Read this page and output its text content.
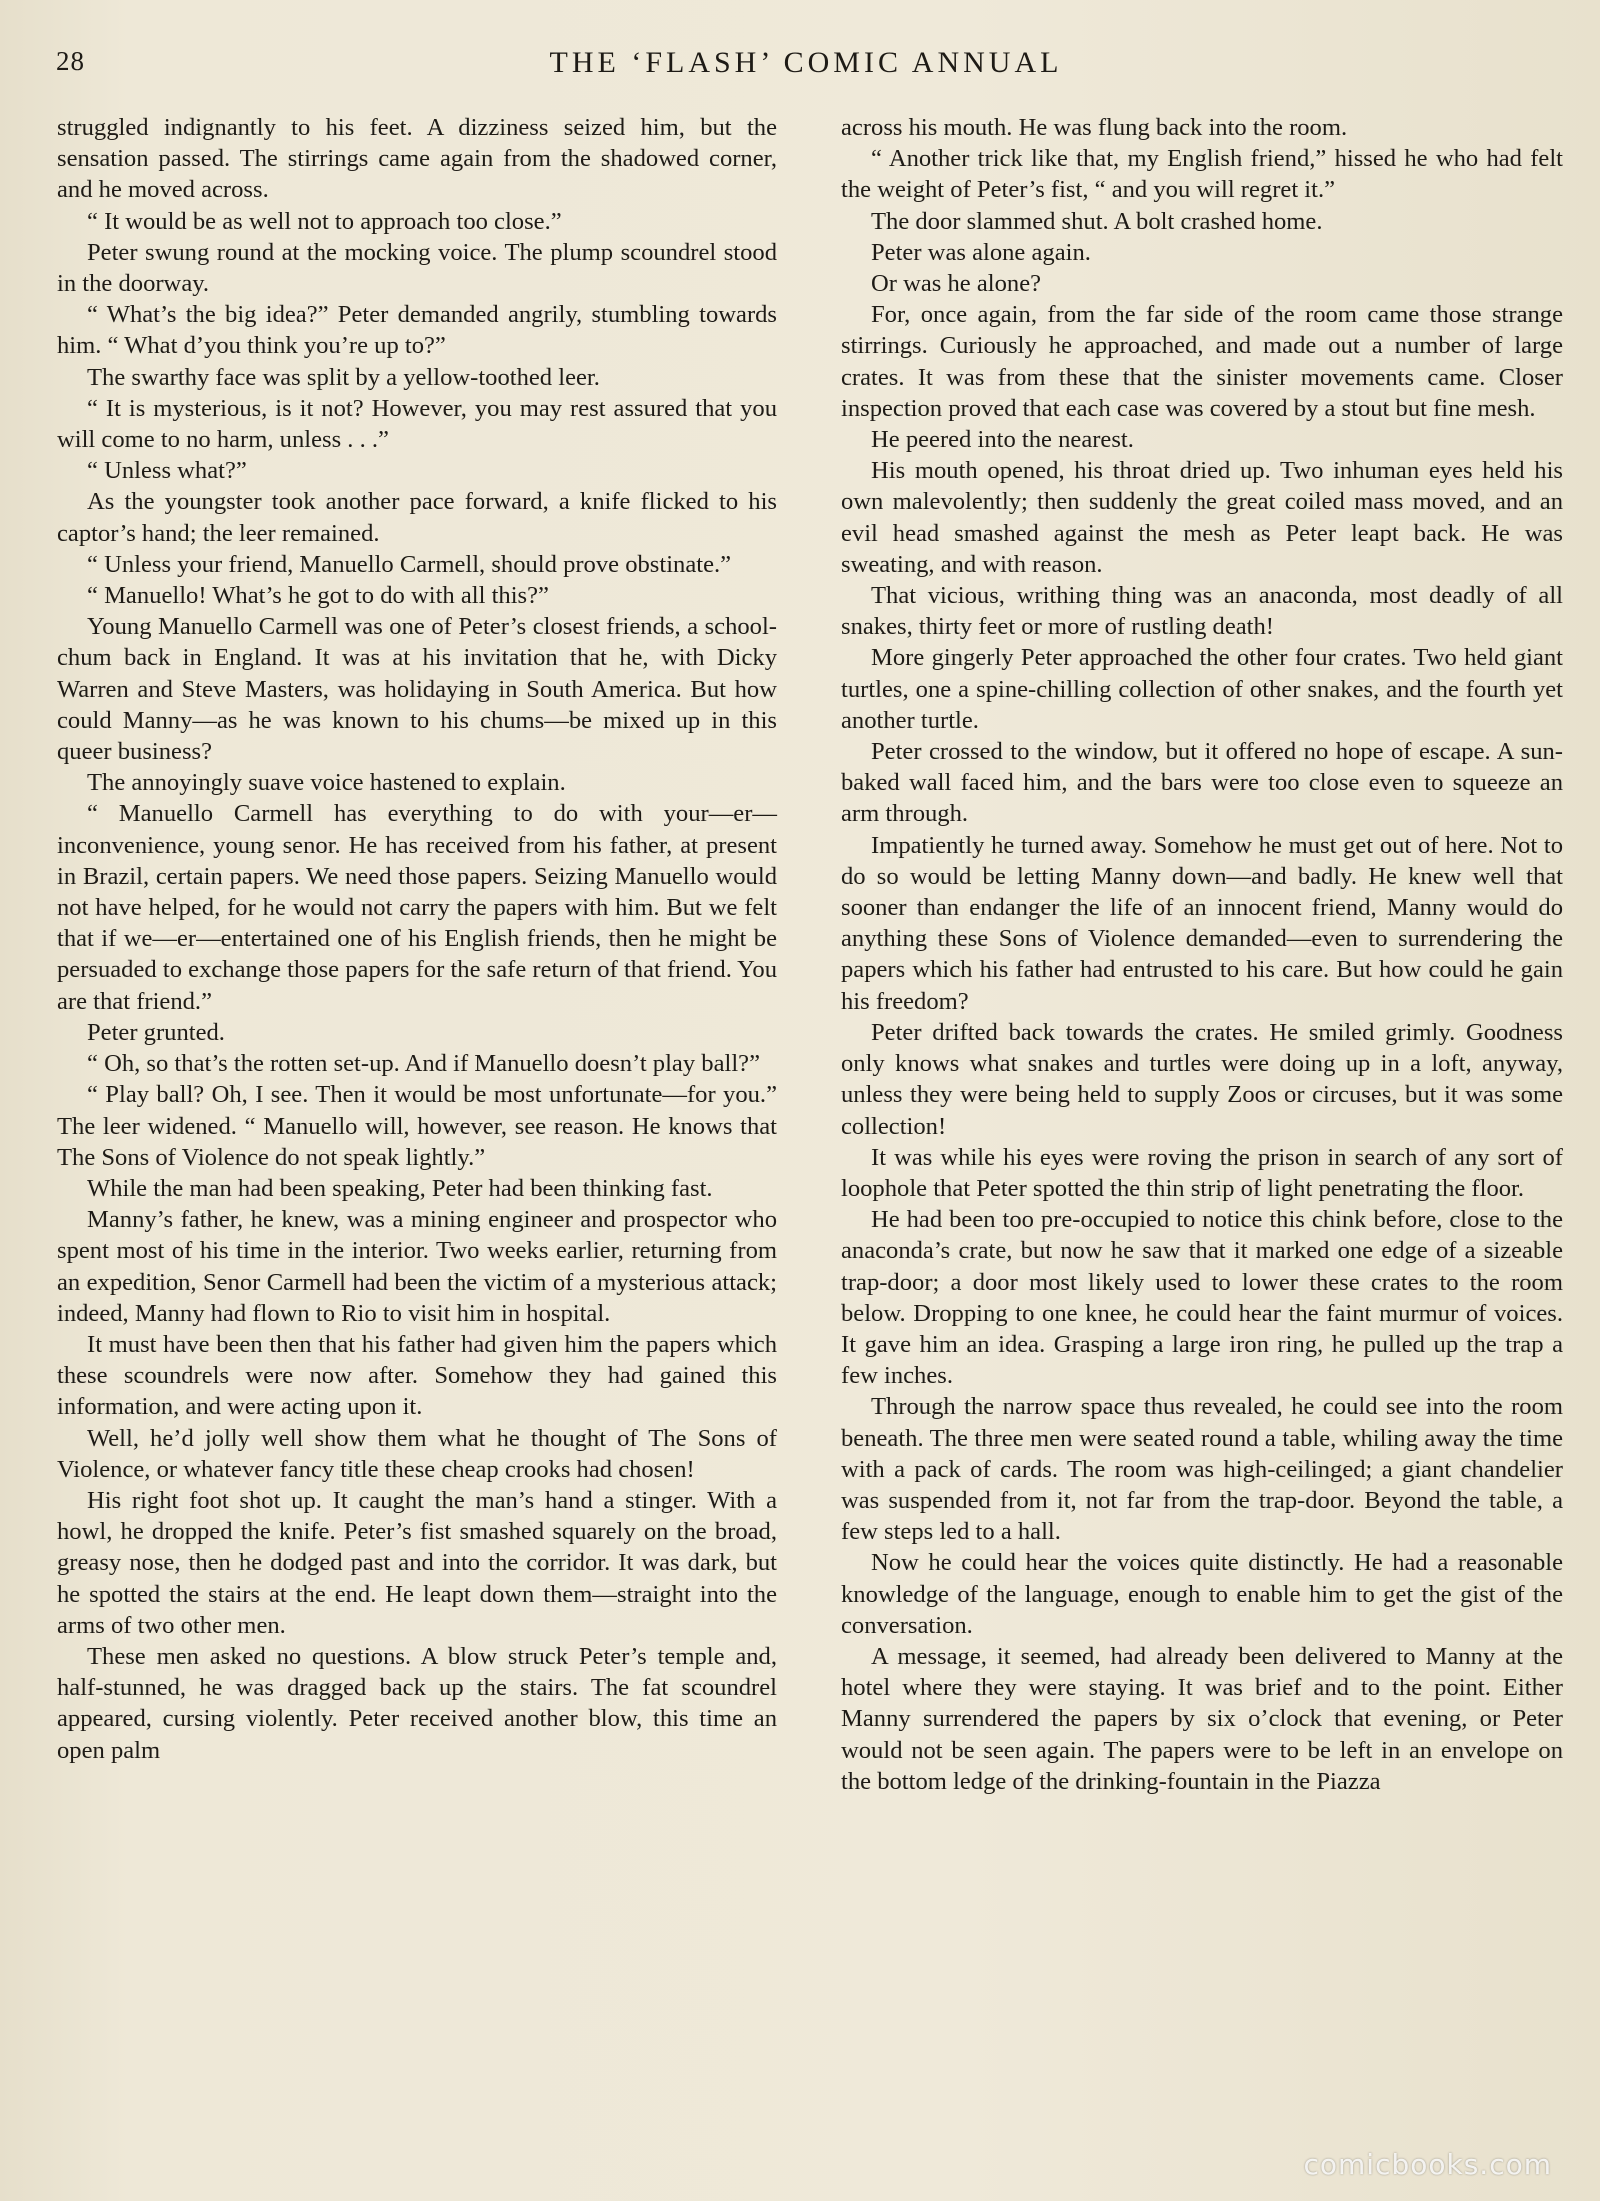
28	THE ‘FLASH’ COMIC ANNUAL

struggled indignantly to his feet. A dizziness seized him, but the sensation passed. The stirrings came again from the shadowed corner, and he moved across.

“ It would be as well not to approach too close.”

Peter swung round at the mocking voice. The plump scoundrel stood in the doorway.

“ What’s the big idea?” Peter demanded angrily, stumbling towards him. “ What d’you think you’re up to?”

The swarthy face was split by a yellow-toothed leer.

“ It is mysterious, is it not? However, you may rest assured that you will come to no harm, unless . . .”

“ Unless what?”

As the youngster took another pace forward, a knife flicked to his captor’s hand; the leer remained.

“ Unless your friend, Manuello Carmell, should prove obstinate.”

“ Manuello! What’s he got to do with all this?”

Young Manuello Carmell was one of Peter’s closest friends, a school-chum back in England. It was at his invitation that he, with Dicky Warren and Steve Masters, was holidaying in South America. But how could Manny—as he was known to his chums—be mixed up in this queer business?

The annoyingly suave voice hastened to explain.

“ Manuello Carmell has everything to do with your—er—inconvenience, young senor. He has received from his father, at present in Brazil, certain papers. We need those papers. Seizing Manuello would not have helped, for he would not carry the papers with him. But we felt that if we—er—entertained one of his English friends, then he might be persuaded to exchange those papers for the safe return of that friend. You are that friend.”

Peter grunted.

“ Oh, so that’s the rotten set-up. And if Manuello doesn’t play ball?”

“ Play ball? Oh, I see. Then it would be most unfortunate—for you.” The leer widened. “ Manuello will, however, see reason. He knows that The Sons of Violence do not speak lightly.”

While the man had been speaking, Peter had been thinking fast.

Manny’s father, he knew, was a mining engineer and prospector who spent most of his time in the interior. Two weeks earlier, returning from an expedition, Senor Carmell had been the victim of a mysterious attack; indeed, Manny had flown to Rio to visit him in hospital.

It must have been then that his father had given him the papers which these scoundrels were now after. Somehow they had gained this information, and were acting upon it.

Well, he’d jolly well show them what he thought of The Sons of Violence, or whatever fancy title these cheap crooks had chosen!

His right foot shot up. It caught the man’s hand a stinger. With a howl, he dropped the knife. Peter’s fist smashed squarely on the broad, greasy nose, then he dodged past and into the corridor. It was dark, but he spotted the stairs at the end. He leapt down them—straight into the arms of two other men.

These men asked no questions. A blow struck Peter’s temple and, half-stunned, he was dragged back up the stairs. The fat scoundrel appeared, cursing violently. Peter received another blow, this time an open palm

across his mouth. He was flung back into the room.

“ Another trick like that, my English friend,” hissed he who had felt the weight of Peter’s fist, “ and you will regret it.”

The door slammed shut. A bolt crashed home.

Peter was alone again.

Or was he alone?

For, once again, from the far side of the room came those strange stirrings. Curiously he approached, and made out a number of large crates. It was from these that the sinister movements came. Closer inspection proved that each case was covered by a stout but fine mesh.

He peered into the nearest.

His mouth opened, his throat dried up. Two inhuman eyes held his own malevolently; then suddenly the great coiled mass moved, and an evil head smashed against the mesh as Peter leapt back. He was sweating, and with reason.

That vicious, writhing thing was an anaconda, most deadly of all snakes, thirty feet or more of rustling death!

More gingerly Peter approached the other four crates. Two held giant turtles, one a spine-chilling collection of other snakes, and the fourth yet another turtle.

Peter crossed to the window, but it offered no hope of escape. A sun-baked wall faced him, and the bars were too close even to squeeze an arm through.

Impatiently he turned away. Somehow he must get out of here. Not to do so would be letting Manny down—and badly. He knew well that sooner than endanger the life of an innocent friend, Manny would do anything these Sons of Violence demanded—even to surrendering the papers which his father had entrusted to his care. But how could he gain his freedom?

Peter drifted back towards the crates. He smiled grimly. Goodness only knows what snakes and turtles were doing up in a loft, anyway, unless they were being held to supply Zoos or circuses, but it was some collection!

It was while his eyes were roving the prison in search of any sort of loophole that Peter spotted the thin strip of light penetrating the floor.

He had been too pre-occupied to notice this chink before, close to the anaconda’s crate, but now he saw that it marked one edge of a sizeable trap-door; a door most likely used to lower these crates to the room below. Dropping to one knee, he could hear the faint murmur of voices. It gave him an idea. Grasping a large iron ring, he pulled up the trap a few inches.

Through the narrow space thus revealed, he could see into the room beneath. The three men were seated round a table, whiling away the time with a pack of cards. The room was high-ceilinged; a giant chandelier was suspended from it, not far from the trap-door. Beyond the table, a few steps led to a hall.

Now he could hear the voices quite distinctly. He had a reasonable knowledge of the language, enough to enable him to get the gist of the conversation.

A message, it seemed, had already been delivered to Manny at the hotel where they were staying. It was brief and to the point. Either Manny surrendered the papers by six o’clock that evening, or Peter would not be seen again. The papers were to be left in an envelope on the bottom ledge of the drinking-fountain in the Piazza

comicbooks.com
